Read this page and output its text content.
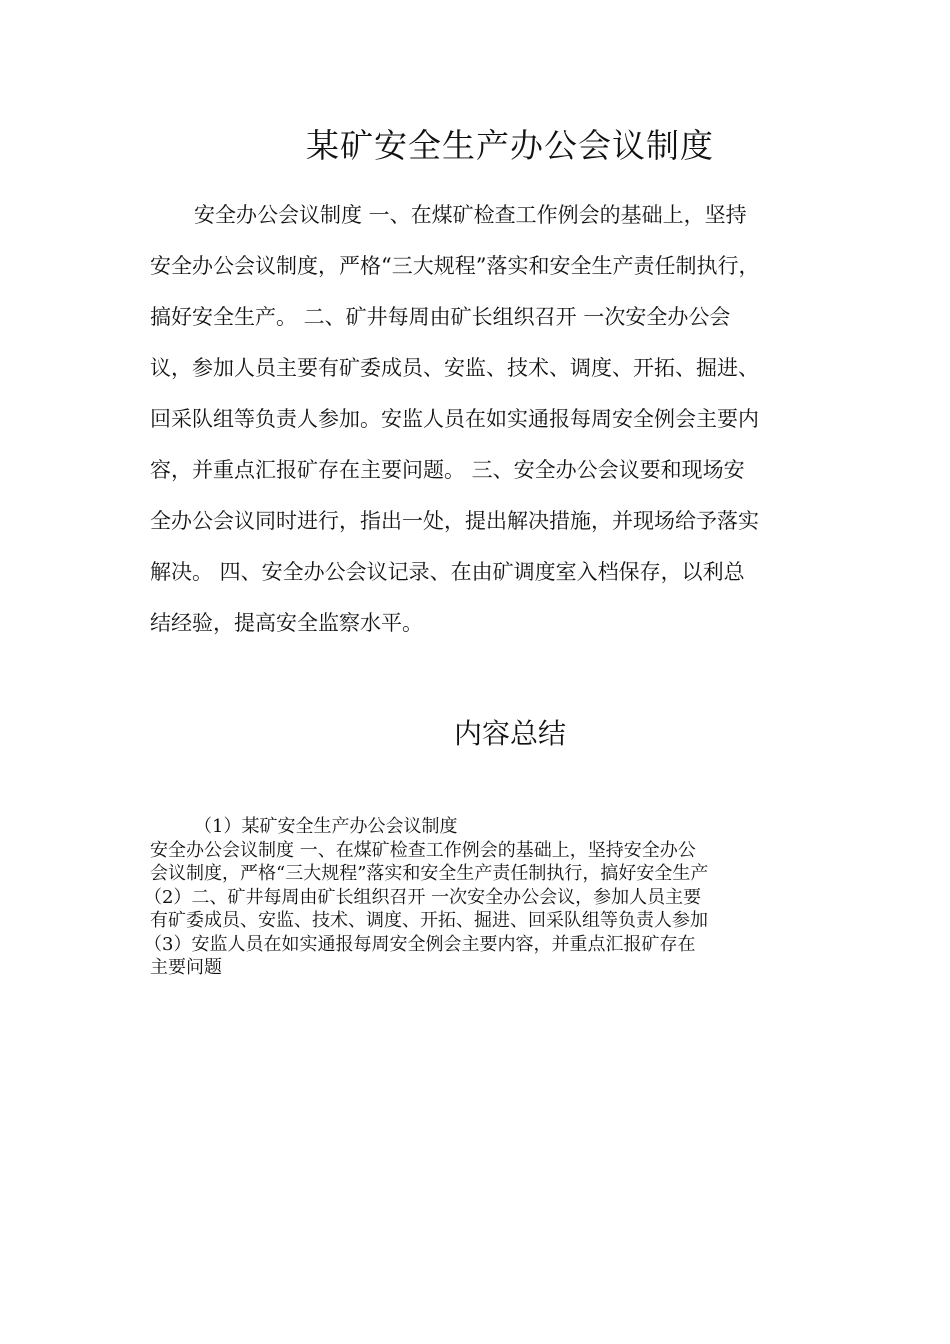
某矿安全生产办公会议制度
安全办公会议制度 一、在煤矿检查工作例会的基础上，坚持
安全办公会议制度，严格“三大规程”落实和安全生产责任制执行，
搞好安全生产。 二、矿井每周由矿长组织召开 一次安全办公会
议，参加人员主要有矿委成员、安监、技术、调度、开拓、掘进、
回采队组等负责人参加。安监人员在如实通报每周安全例会主要内
容，并重点汇报矿存在主要问题。 三、安全办公会议要和现场安
全办公会议同时进行，指出一处，提出解决措施，并现场给予落实
解决。 四、安全办公会议记录、在由矿调度室入档保存，以利总
结经验，提高安全监察水平。
内容总结
（1）某矿安全生产办公会议制度
安全办公会议制度 一、在煤矿检查工作例会的基础上，坚持安全办公
会议制度，严格“三大规程”落实和安全生产责任制执行，搞好安全生产
（2）二、矿井每周由矿长组织召开 一次安全办公会议，参加人员主要
有矿委成员、安监、技术、调度、开拓、掘进、回采队组等负责人参加
（3）安监人员在如实通报每周安全例会主要内容，并重点汇报矿存在
主要问题
